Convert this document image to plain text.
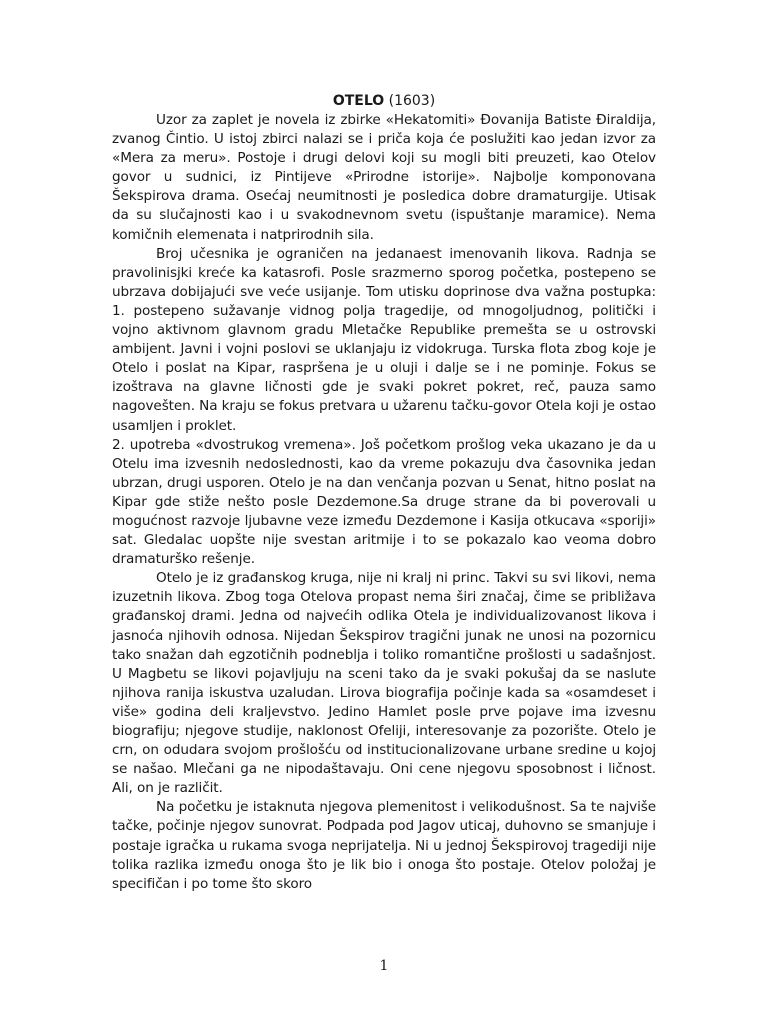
OTELO (1603)

Uzor za zaplet je novela iz zbirke «Hekatomiti» Đovanija Batiste Điraldija, zvanog Čintio. U istoj zbirci nalazi se i priča koja će poslužiti kao jedan izvor za «Mera za meru». Postoje i drugi delovi koji su mogli biti preuzeti, kao Otelov govor u sudnici, iz Pintijeve «Prirodne istorije». Najbolje komponovana Šekspirova drama. Osećaj neumitnosti je posledica dobre dramaturgije. Utisak da su slučajnosti kao i u svakodnevnom svetu (ispuštanje maramice). Nema komičnih elemenata i natprirodnih sila.

Broj učesnika je ograničen na jedanaest imenovanih likova. Radnja se pravolinisjki kreće ka katasrofi. Posle srazmerno sporog početka, postepeno se ubrzava dobijajući sve veće usijanje. Tom utisku doprinose dva važna postupka: 1. postepeno sužavanje vidnog polja tragedije, od mnogoljudnog, politički i vojno aktivnom glavnom gradu Mletačke Republike premešta se u ostrovski ambijent. Javni i vojni poslovi se uklanjaju iz vidokruga. Turska flota zbog koje je Otelo i poslat na Kipar, raspršena je u oluji i dalje se i ne pominje. Fokus se izoštrava na glavne ličnosti gde je svaki pokret pokret, reč, pauza samo nagovešten. Na kraju se fokus pretvara u užarenu tačku-govor Otela koji je ostao usamljen i proklet.

2. upotreba «dvostrukog vremena». Još početkom prošlog veka ukazano je da u Otelu ima izvesnih nedoslednosti, kao da vreme pokazuju dva časovnika jedan ubrzan, drugi usporen. Otelo je na dan venčanja pozvan u Senat, hitno poslat na Kipar gde stiže nešto posle Dezdemone.Sa druge strane da bi poverovali u mogućnost razvoje ljubavne veze između Dezdemone i Kasija otkucava «sporiji» sat. Gledalac uopšte nije svestan aritmije i to se pokazalo kao veoma dobro dramaturško rešenje.

Otelo je iz građanskog kruga, nije ni kralj ni princ. Takvi su svi likovi, nema izuzetnih likova. Zbog toga Otelova propast nema širi značaj, čime se približava građanskoj drami. Jedna od najvećih odlika Otela je individualizovanost likova i jasnoća njihovih odnosa. Nijedan Šekspirov tragični junak ne unosi na pozornicu tako snažan dah egzotičnih podneblja i toliko romantične prošlosti u sadašnjost. U Magbetu se likovi pojavljuju na sceni tako da je svaki pokušaj da se naslute njihova ranija iskustva uzaludan. Lirova biografija počinje kada sa «osamdeset i više» godina deli kraljevstvo. Jedino Hamlet posle prve pojave ima izvesnu biografiju; njegove studije, naklonost Ofeliji, interesovanje za pozorište. Otelo je crn, on odudara svojom prošlošću od institucionalizovane urbane sredine u kojoj se našao. Mlečani ga ne nipodaštavaju. Oni cene njegovu sposobnost i ličnost. Ali, on je različit.

Na početku je istaknuta njegova plemenitost i velikodušnost. Sa te najviše tačke, počinje njegov sunovrat. Podpada pod Jagov uticaj, duhovno se smanjuje i postaje igračka u rukama svoga neprijatelja. Ni u jednoj Šekspirovoj tragediji nije tolika razlika između onoga što je lik bio i onoga što postaje. Otelov položaj je specifičan i po tome što skoro

1
